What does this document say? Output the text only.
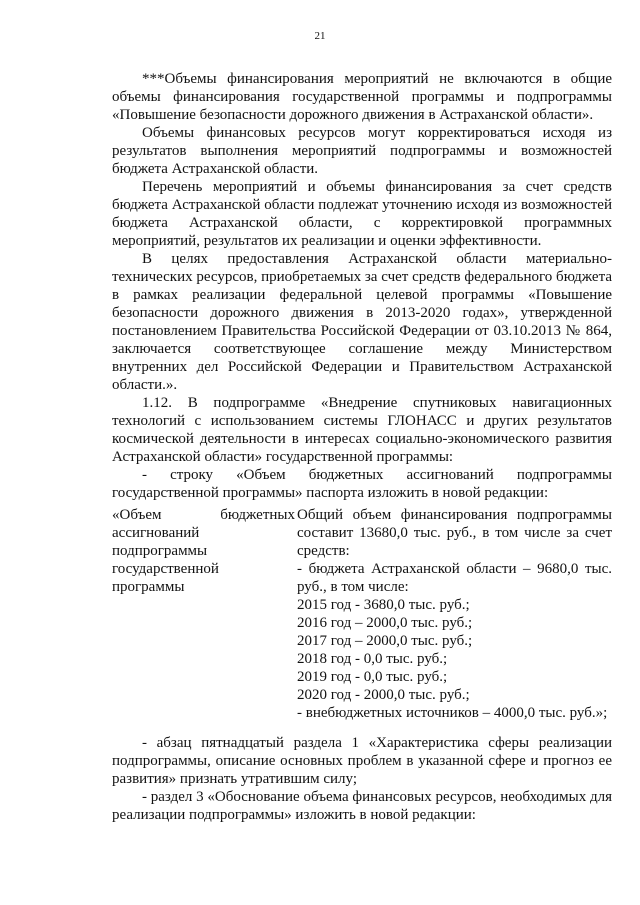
21

***Объемы финансирования мероприятий не включаются в общие объемы финансирования государственной программы и подпрограммы «Повышение безопасности дорожного движения в Астраханской области».

Объемы финансовых ресурсов могут корректироваться исходя из результатов выполнения мероприятий подпрограммы и возможностей бюджета Астраханской области.

Перечень мероприятий и объемы финансирования за счет средств бюджета Астраханской области подлежат уточнению исходя из возможностей бюджета Астраханской области, с корректировкой программных мероприятий, результатов их реализации и оценки эффективности.

В целях предоставления Астраханской области материально-технических ресурсов, приобретаемых за счет средств федерального бюджета в рамках реализации федеральной целевой программы «Повышение безопасности дорожного движения в 2013-2020 годах», утвержденной постановлением Правительства Российской Федерации от 03.10.2013 № 864, заключается соответствующее соглашение между Министерством внутренних дел Российской Федерации и Правительством Астраханской области.».

1.12. В подпрограмме «Внедрение спутниковых навигационных технологий с использованием системы ГЛОНАСС и других результатов космической деятельности в интересах социально-экономического развития Астраханской области» государственной программы:

- строку «Объем бюджетных ассигнований подпрограммы государственной программы» паспорта изложить в новой редакции:

«Объем бюджетных ассигнований подпрограммы государственной программы
Общий объем финансирования подпрограммы составит 13680,0 тыс. руб., в том числе за счет средств:
- бюджета Астраханской области – 9680,0 тыс. руб., в том числе:
2015 год - 3680,0 тыс. руб.;
2016 год – 2000,0 тыс. руб.;
2017 год – 2000,0 тыс. руб.;
2018 год - 0,0 тыс. руб.;
2019 год - 0,0 тыс. руб.;
2020 год - 2000,0 тыс. руб.;
- внебюджетных источников – 4000,0 тыс. руб.»;

- абзац пятнадцатый раздела 1 «Характеристика сферы реализации подпрограммы, описание основных проблем в указанной сфере и прогноз ее развития» признать утратившим силу;

- раздел 3 «Обоснование объема финансовых ресурсов, необходимых для реализации подпрограммы» изложить в новой редакции:
